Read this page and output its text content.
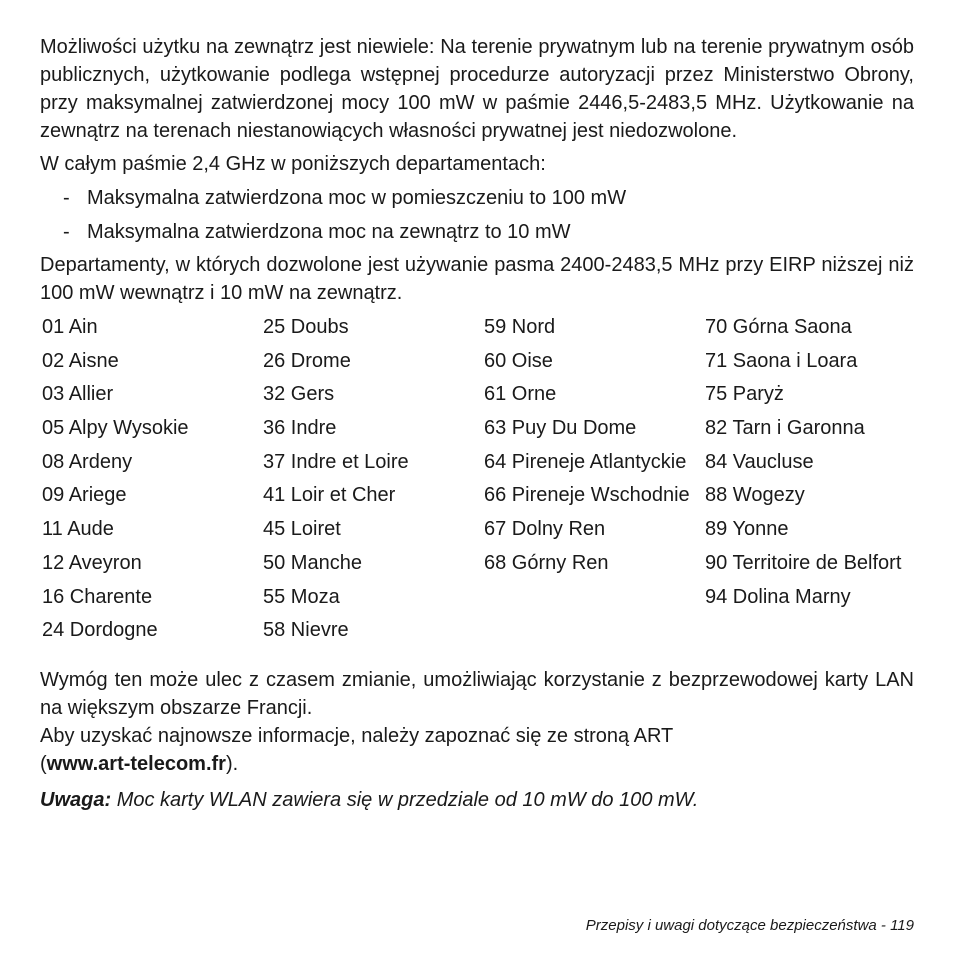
Możliwości użytku na zewnątrz jest niewiele: Na terenie prywatnym lub na terenie prywatnym osób publicznych, użytkowanie podlega wstępnej procedurze autoryzacji przez Ministerstwo Obrony, przy maksymalnej zatwierdzonej mocy 100 mW w paśmie 2446,5-2483,5 MHz. Użytkowanie na zewnątrz na terenach niestanowiących własności prywatnej jest niedozwolone.

W całym paśmie 2,4 GHz w poniższych departamentach:

- Maksymalna zatwierdzona moc w pomieszczeniu to 100 mW
- Maksymalna zatwierdzona moc na zewnątrz to 10 mW

Departamenty, w których dozwolone jest używanie pasma 2400-2483,5 MHz przy EIRP niższej niż 100 mW wewnątrz i 10 mW na zewnątrz.

01 Ain
02 Aisne
03 Allier
05 Alpy Wysokie
08 Ardeny
09 Ariege
11 Aude
12 Aveyron
16 Charente
24 Dordogne
25 Doubs
26 Drome
32 Gers
36 Indre
37 Indre et Loire
41 Loir et Cher
45 Loiret
50 Manche
55 Moza
58 Nievre
59 Nord
60 Oise
61 Orne
63 Puy Du Dome
64 Pireneje Atlantyckie
66 Pireneje Wschodnie
67 Dolny Ren
68 Górny Ren
70 Górna Saona
71 Saona i Loara
75 Paryż
82 Tarn i Garonna
84 Vaucluse
88 Wogezy
89 Yonne
90 Territoire de Belfort
94 Dolina Marny

Wymóg ten może ulec z czasem zmianie, umożliwiając korzystanie z bezprzewodowej karty LAN na większym obszarze Francji.

Aby uzyskać najnowsze informacje, należy zapoznać się ze stroną ART
(www.art-telecom.fr).

Uwaga: Moc karty WLAN zawiera się w przedziale od 10 mW do 100 mW.

Przepisy i uwagi dotyczące bezpieczeństwa - 119
